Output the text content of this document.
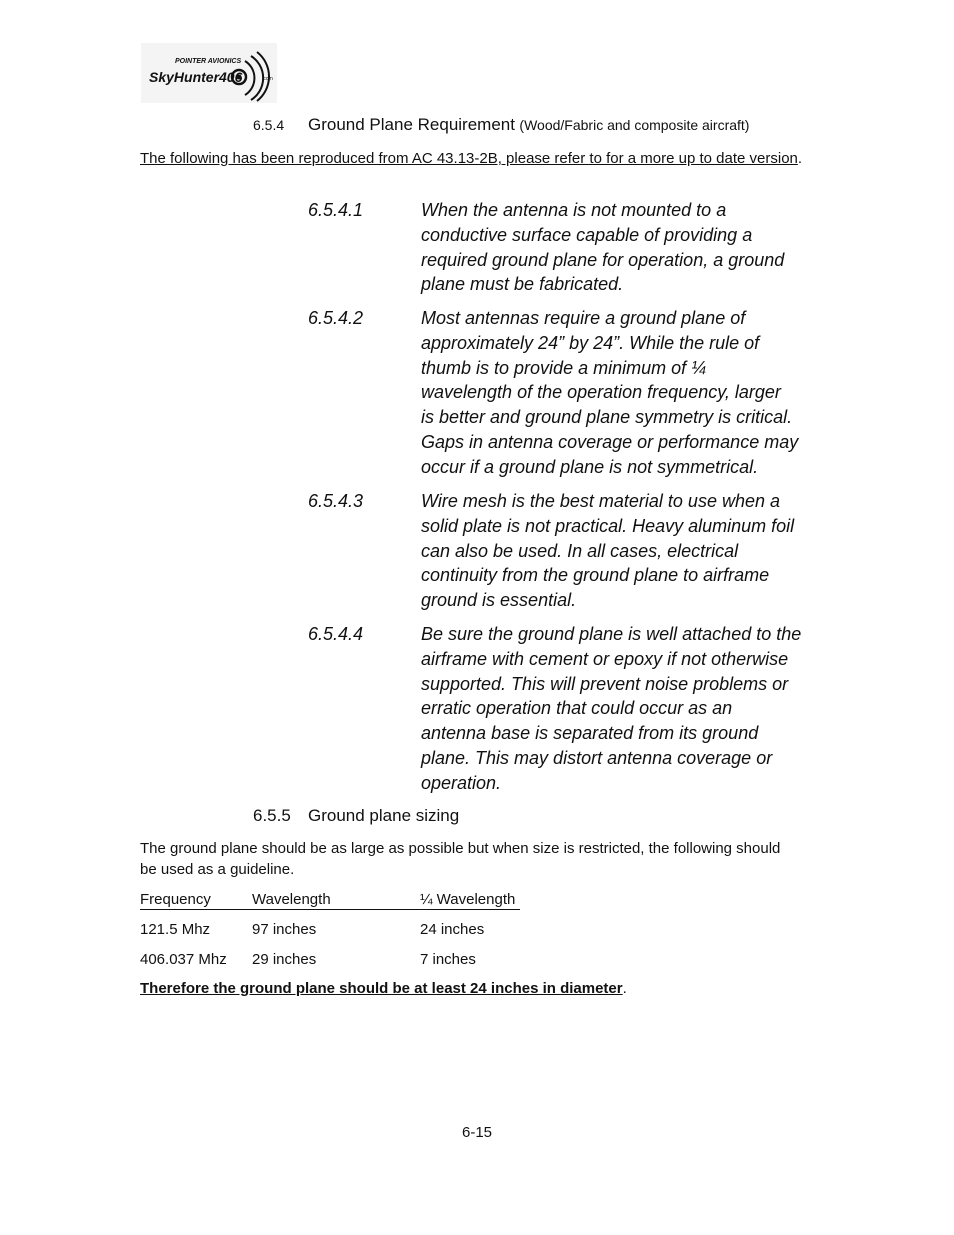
POINTER AVIONICS
SkyHunter406	.com
6.5.4 Ground Plane Requirement (Wood/Fabric and composite aircraft)
The following has been reproduced from AC 43.13-2B, please refer to for a more up to date version.
6.5.4.1	When the antenna is not mounted to a
conductive surface capable of providing a
required ground plane for operation, a ground
plane must be fabricated.
6.5.4.2	Most antennas require a ground plane of
approximately 24” by 24”. While the rule of
thumb is to provide a minimum of ¼
wavelength of the operation frequency, larger
is better and ground plane symmetry is critical.
Gaps in antenna coverage or performance may
occur if a ground plane is not symmetrical.
6.5.4.3	Wire mesh is the best material to use when a
solid plate is not practical. Heavy aluminum foil
can also be used. In all cases, electrical
continuity from the ground plane to airframe
ground is essential.
6.5.4.4	Be sure the ground plane is well attached to the
airframe with cement or epoxy if not otherwise
supported. This will prevent noise problems or
erratic operation that could occur as an
antenna base is separated from its ground
plane. This may distort antenna coverage or
operation.
6.5.5 Ground plane sizing
The ground plane should be as large as possible but when size is restricted, the following should
be used as a guideline.
Frequency	Wavelength	¼ Wavelength
121.5 Mhz	97 inches	24 inches
406.037 Mhz 29 inches	7 inches
Therefore the ground plane should be at least 24 inches in diameter.
6-15
